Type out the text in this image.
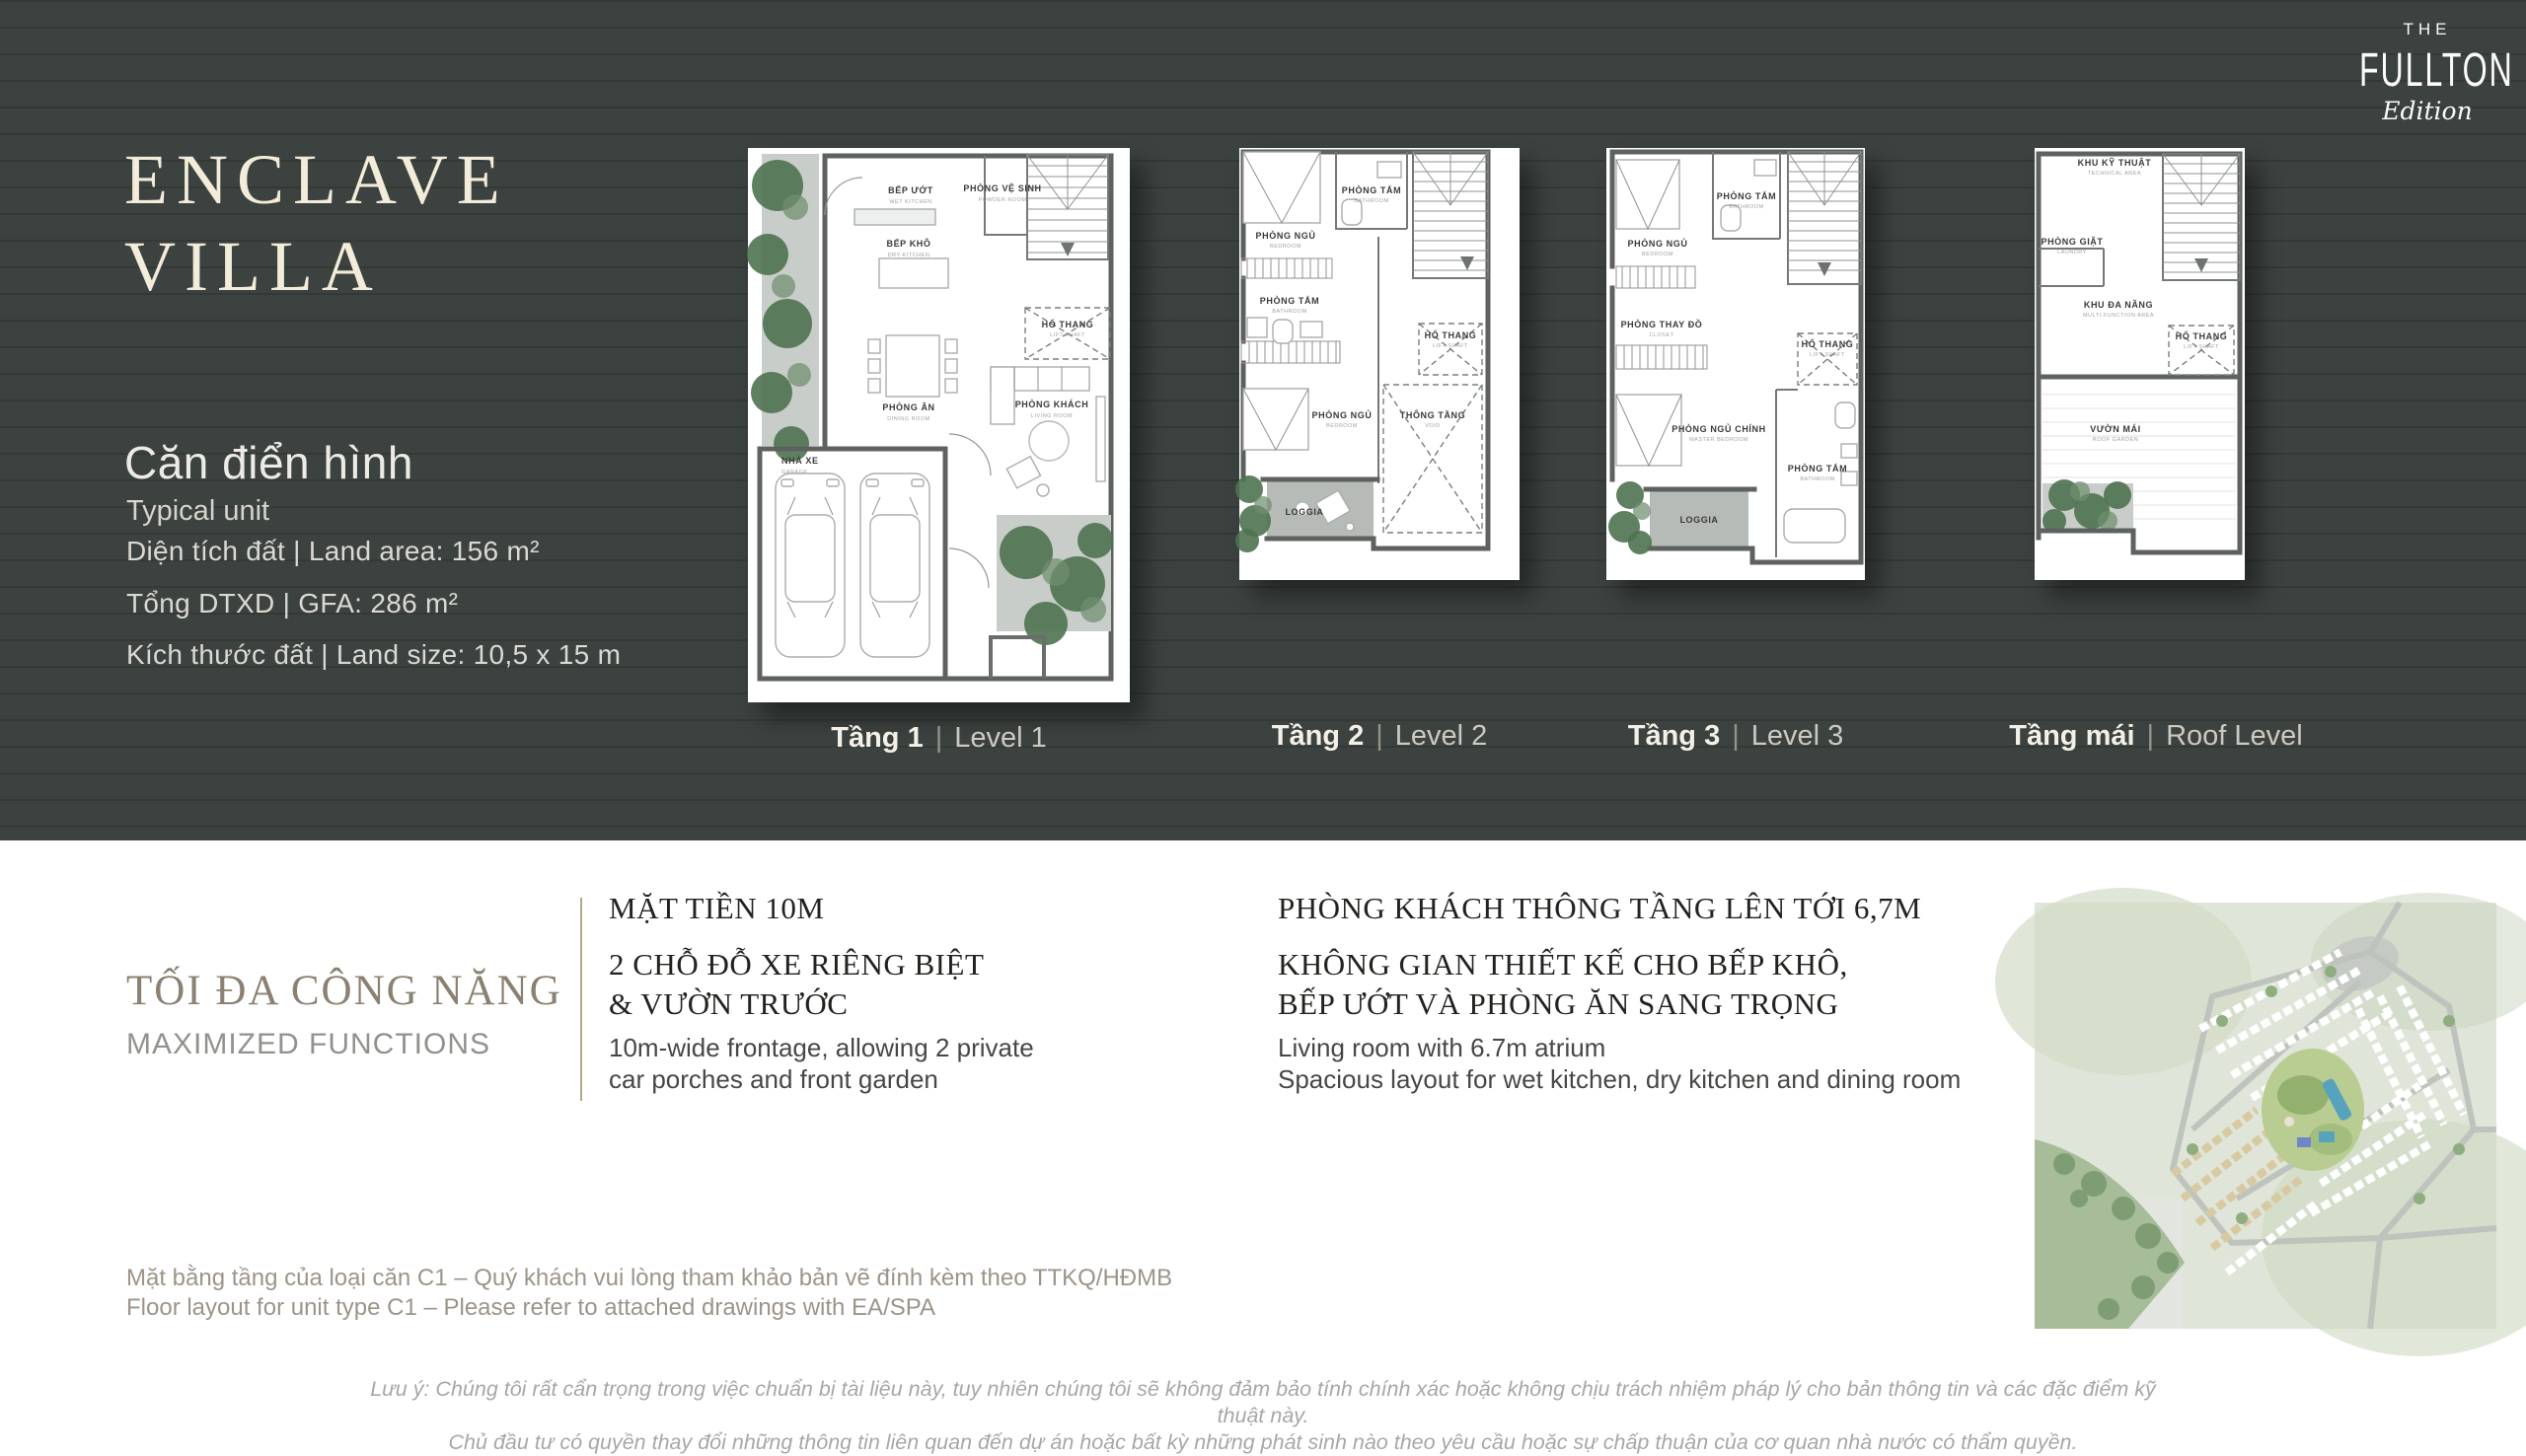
ENCLAVE
VILLA
Căn điển hình
Typical unit
Diện tích đất | Land area: 156 m²
Tổng DTXD | GFA: 286 m²
Kích thước đất | Land size: 10,5 x 15 m
THE
FULLTON
Edition
BẾP ƯỚT
WET KITCHEN
PHÒNG VỆ SINH
POWDER ROOM
BẾP KHÔ
DRY KITCHEN
HỐ THANG
LIFT SHAFT
PHÒNG ĂN
DINING ROOM
PHÒNG KHÁCH
LIVING ROOM
NHÀ XE
GARAGE
PHÒNG TẮM
BATHROOM
PHÒNG NGỦ
BEDROOM
PHÒNG TẮM
BATHROOM
HỐ THANG
LIFT SHAFT
PHÒNG NGỦ
BEDROOM
THÔNG TẦNG
VOID
LOGGIA
PHÒNG NGỦ
BEDROOM
PHÒNG TẮM
BATHROOM
PHÒNG THAY ĐỒ
CLOSET
HỐ THANG
LIFT SHAFT
PHÒNG NGỦ CHÍNH
MASTER BEDROOM
PHÒNG TẮM
BATHROOM
LOGGIA
KHU KỸ THUẬT
TECHNICAL AREA
PHÒNG GIẶT
LAUNDRY
KHU ĐA NĂNG
MULTI-FUNCTION AREA
HỐ THANG
LIFT SHAFT
VƯỜN MÁI
ROOF GARDEN
Tầng 1 | Level 1	Tầng 2 | Level 2	Tầng 3 | Level 3	Tầng mái | Roof Level
TỐI ĐA CÔNG NĂNG
MAXIMIZED FUNCTIONS
MẶT TIỀN 10M
2 CHỖ ĐỖ XE RIÊNG BIỆT
& VƯỜN TRƯỚC
10m-wide frontage, allowing 2 private
car porches and front garden
PHÒNG KHÁCH THÔNG TẦNG LÊN TỚI 6,7M
KHÔNG GIAN THIẾT KẾ CHO BẾP KHÔ,
BẾP ƯỚT VÀ PHÒNG ĂN SANG TRỌNG
Living room with 6.7m atrium
Spacious layout for wet kitchen, dry kitchen and dining room
Mặt bằng tầng của loại căn C1 – Quý khách vui lòng tham khảo bản vẽ đính kèm theo TTKQ/HĐMB
Floor layout for unit type C1 – Please refer to attached drawings with EA/SPA
Lưu ý: Chúng tôi rất cẩn trọng trong việc chuẩn bị tài liệu này, tuy nhiên chúng tôi sẽ không đảm bảo tính chính xác hoặc không chịu trách nhiệm pháp lý cho bản thông tin và các đặc điểm kỹ thuật này.
Chủ đầu tư có quyền thay đổi những thông tin liên quan đến dự án hoặc bất kỳ những phát sinh nào theo yêu cầu hoặc sự chấp thuận của cơ quan nhà nước có thẩm quyền.
